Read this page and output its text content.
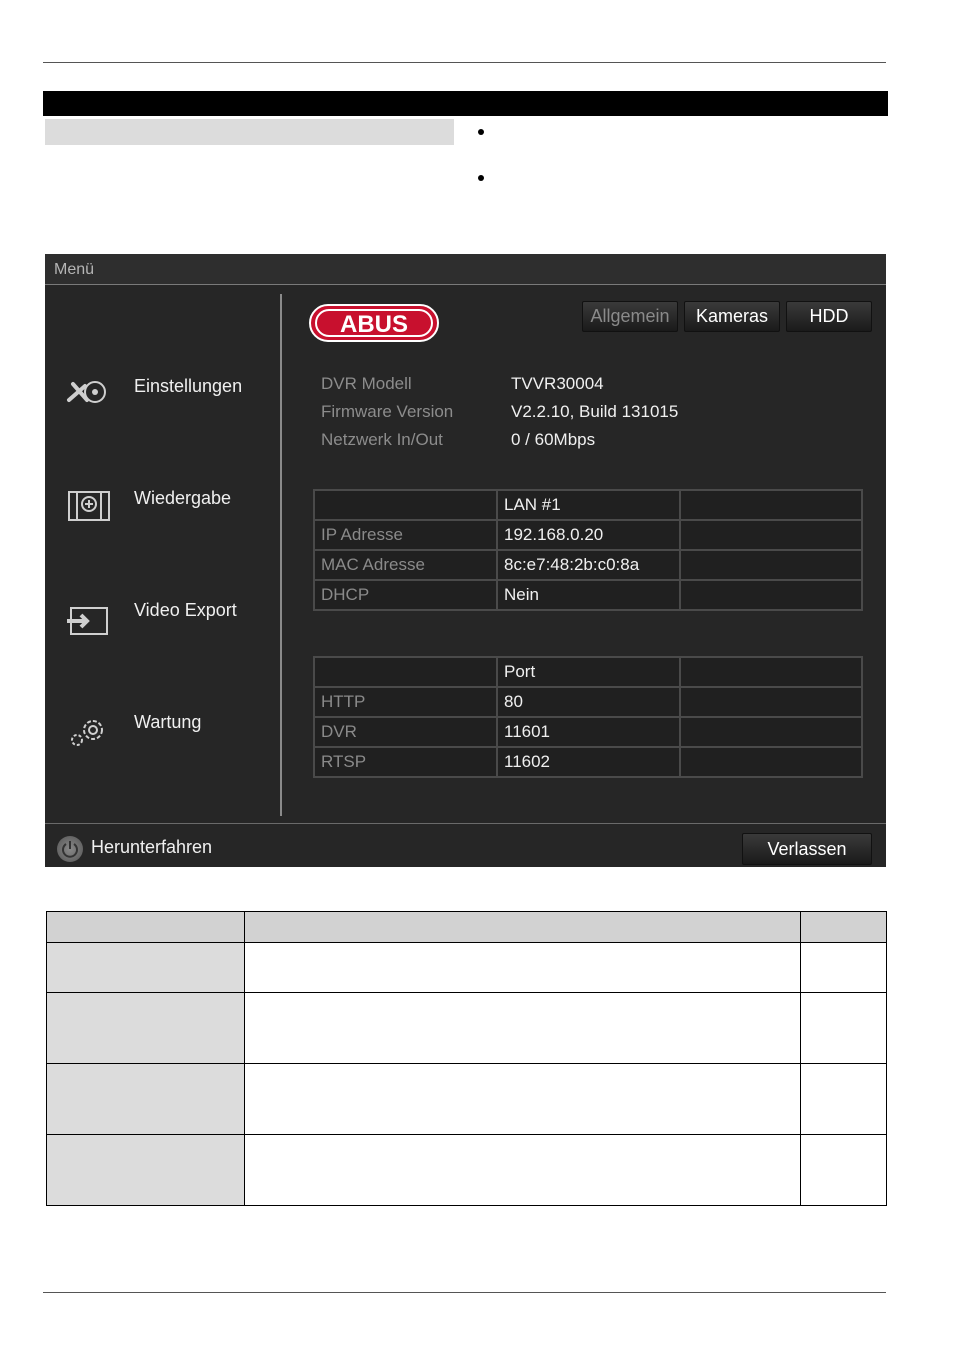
Menü
Einstellungen
Wiedergabe
Video Export
Wartung
ABUS	Allgemein	Kameras	HDD
DVR Modell	TVVR30004
Firmware Version	V2.2.10, Build 131015
Netzwerk In/Out	0 / 60Mbps
	LAN #1	
IP Adresse	192.168.0.20	
MAC Adresse	8c:e7:48:2b:c0:8a	
DHCP	Nein	
	Port	
HTTP	80	
DVR	11601	
RTSP	11602	
Herunterfahren	Verlassen
